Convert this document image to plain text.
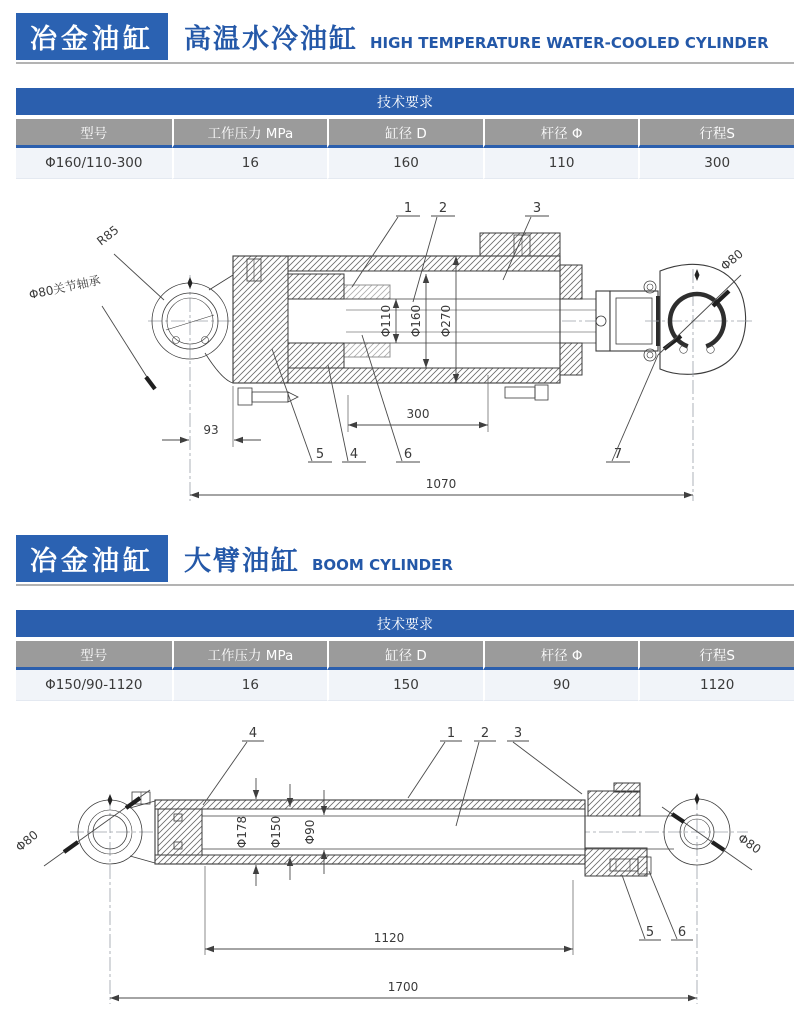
冶金油缸 高温水冷油缸 HIGH TEMPERATURE WATER-COOLED CYLINDER
技术要求				
型号	工作压力 MPa	缸径 D	杆径 Φ	行程S
Φ160/110-300	16	160	110	300
R85
Φ80关节轴承
1 2	3
Φ110 Φ160 Φ270
Φ80
93
300
5 4	6	7
1070
冶金油缸 大臂油缸 BOOM CYLINDER
技术要求				
型号	工作压力 MPa	缸径 D	杆径 Φ	行程S
Φ150/90-1120	16	150	90	1120
Φ80	Φ80
4	1 2 3
Φ178 Φ150 Φ90
5 6
1120
1700
